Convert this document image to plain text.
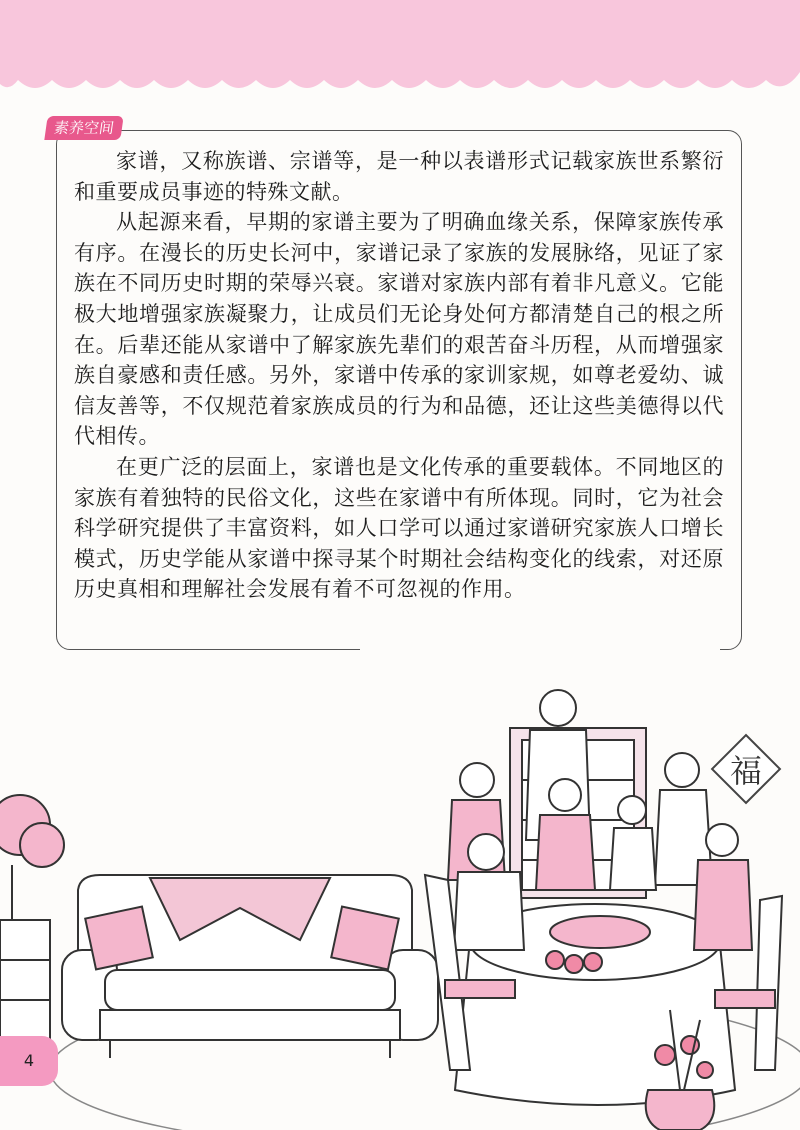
素养空间

家谱，又称族谱、宗谱等，是一种以表谱形式记载家族世系繁衍和重要成员事迹的特殊文献。

从起源来看，早期的家谱主要为了明确血缘关系，保障家族传承有序。在漫长的历史长河中，家谱记录了家族的发展脉络，见证了家族在不同历史时期的荣辱兴衰。家谱对家族内部有着非凡意义。它能极大地增强家族凝聚力，让成员们无论身处何方都清楚自己的根之所在。后辈还能从家谱中了解家族先辈们的艰苦奋斗历程，从而增强家族自豪感和责任感。另外，家谱中传承的家训家规，如尊老爱幼、诚信友善等，不仅规范着家族成员的行为和品德，还让这些美德得以代代相传。

在更广泛的层面上，家谱也是文化传承的重要载体。不同地区的家族有着独特的民俗文化，这些在家谱中有所体现。同时，它为社会科学研究提供了丰富资料，如人口学可以通过家谱研究家族人口增长模式，历史学能从家谱中探寻某个时期社会结构变化的线索，对还原历史真相和理解社会发展有着不可忽视的作用。

福
4
